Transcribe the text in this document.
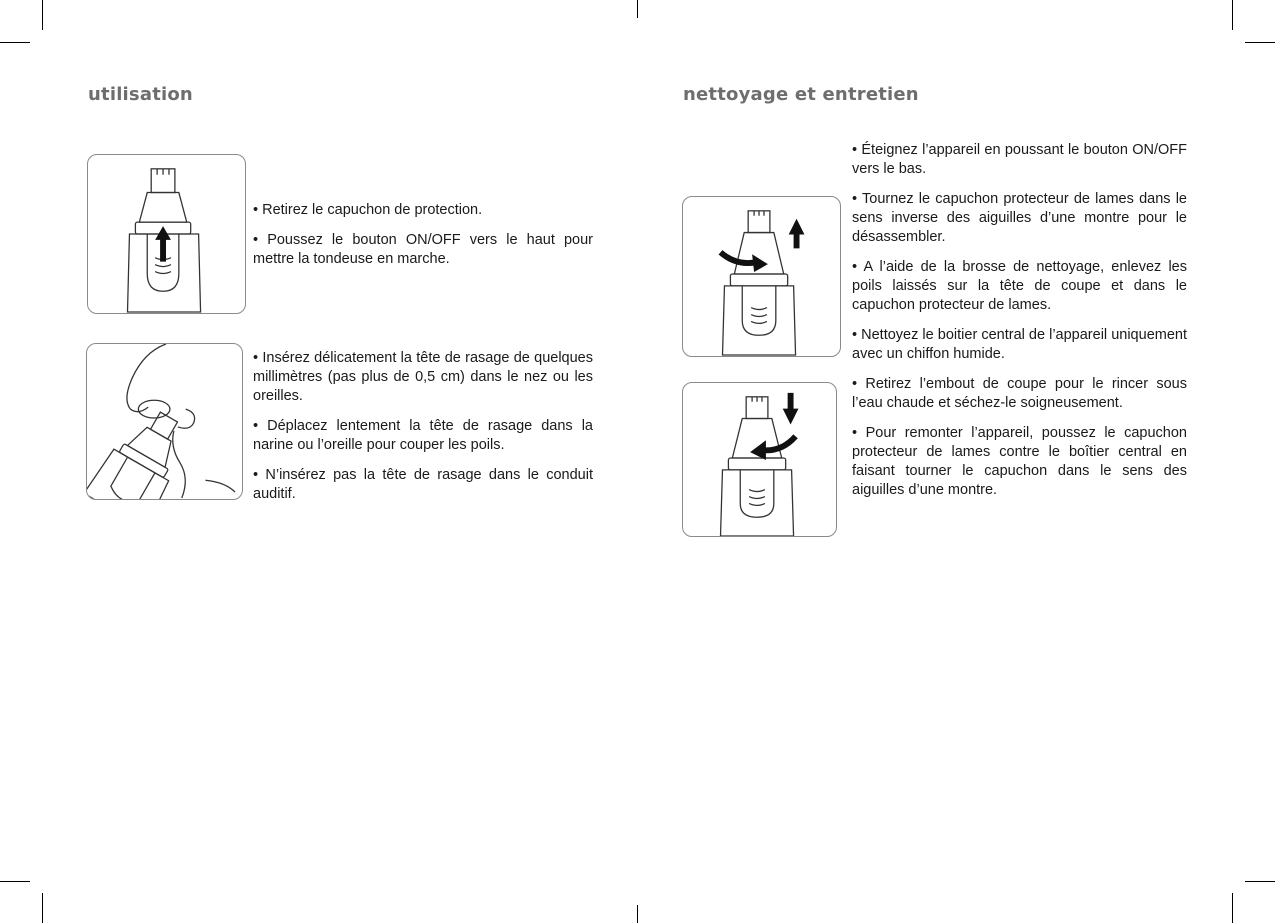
utilisation

• Retirez le capuchon de protection.

• Poussez le bouton ON/OFF vers le haut pour mettre la tondeuse en marche.

• Insérez délicatement la tête de rasage de quelques millimètres (pas plus de 0,5 cm) dans le nez ou les oreilles.

• Déplacez lentement la tête de rasage dans la narine ou l’oreille pour couper les poils.

• N’insérez pas la tête de rasage dans le conduit auditif.

nettoyage et entretien

• Éteignez l’appareil en poussant le bouton ON/OFF vers le bas.

• Tournez le capuchon protecteur de lames dans le sens inverse des aiguilles d’une montre pour le désassembler.

• A l’aide de la brosse de nettoyage, enlevez les poils laissés sur la tête de coupe et dans le capuchon protecteur de lames.

• Nettoyez le boitier central de l’appareil uniquement avec un chiffon humide.

• Retirez l’embout de coupe pour le rincer sous l’eau chaude et séchez-le soigneusement.

• Pour remonter l’appareil, poussez le capuchon protecteur de lames contre le boîtier central en faisant tourner le capuchon dans le sens des aiguilles d’une montre.
